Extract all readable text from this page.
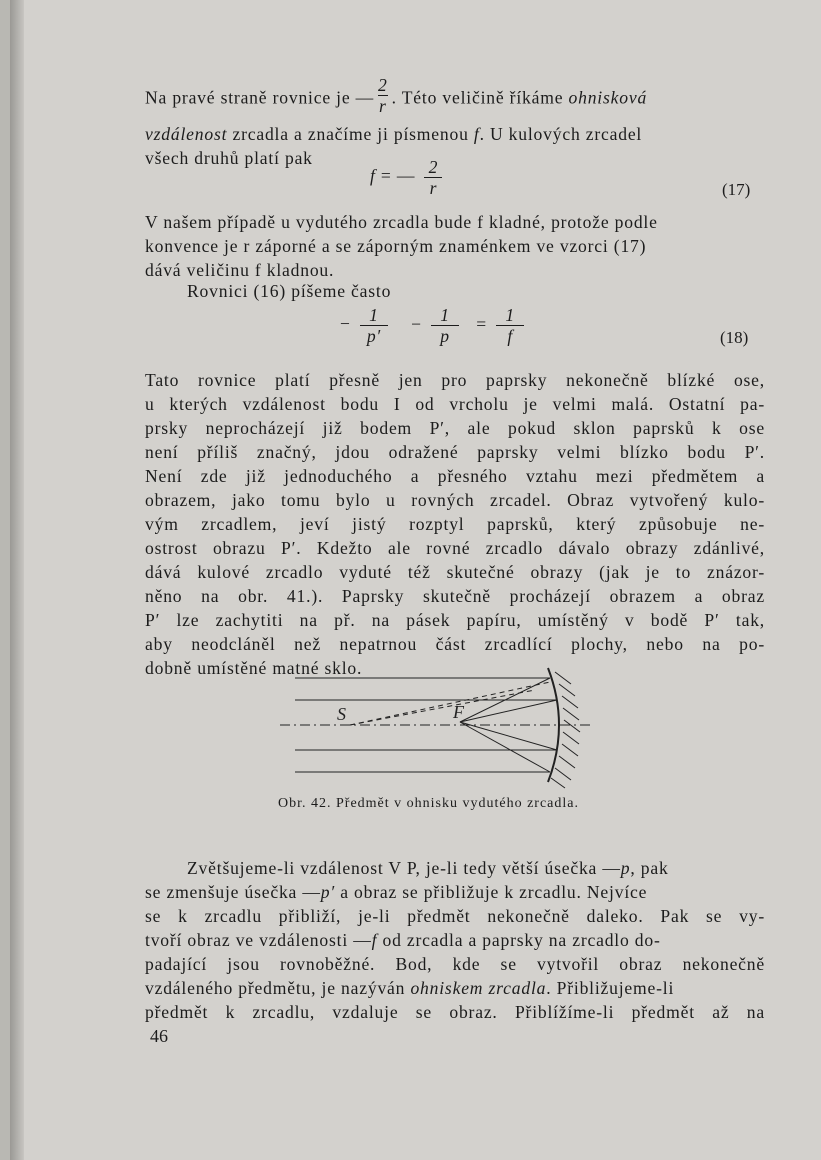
Na pravé straně rovnice je — $\frac{2}{r}$ . Této veličině říkáme ohnisková
vzdálenost zrcadla a značíme ji písmenou f. U kulových zrcadel
všech druhů platí pak
f = — $\frac{2}{r}$	(17)
V našem případě u vydutého zrcadla bude f kladné, protože podle
konvence je r záporné a se záporným znaménkem ve vzorci (17)
dává veličinu f kladnou.
Rovnici (16) píšeme často
− $\frac{1}{p'} - \frac{1}{p} = \frac{1}{f}$	(18)
Tato rovnice platí přesně jen pro paprsky nekonečně blízké ose,
u kterých vzdálenost bodu I od vrcholu je velmi malá. Ostatní pa-
prsky neprocházejí již bodem P′, ale pokud sklon paprsků k ose
není příliš značný, jdou odražené paprsky velmi blízko bodu P′.
Není zde již jednoduchého a přesného vztahu mezi předmětem a
obrazem, jako tomu bylo u rovných zrcadel. Obraz vytvořený kulo-
vým zrcadlem, jeví jistý rozptyl paprsků, který způsobuje ne-
ostrost obrazu P′. Kdežto ale rovné zrcadlo dávalo obrazy zdánlivé,
dává kulové zrcadlo vyduté též skutečné obrazy (jak je to znázor-
něno na obr. 41.). Paprsky skutečně procházejí obrazem a obraz
P′ lze zachytiti na př. na pásek papíru, umístěný v bodě P′ tak,
aby neodcláněl než nepatrnou část zrcadlící plochy, nebo na po-
dobně umístěné matné sklo.
S	F
Obr. 42. Předmět v ohnisku vydutého zrcadla.
Zvětšujeme-li vzdálenost V P, je-li tedy větší úsečka —p, pak
se zmenšuje úsečka —p′ a obraz se přibližuje k zrcadlu. Nejvíce
se k zrcadlu přibliží, je-li předmět nekonečně daleko. Pak se vy-
tvoří obraz ve vzdálenosti —f od zrcadla a paprsky na zrcadlo do-
padající jsou rovnoběžné. Bod, kde se vytvořil obraz nekonečně
vzdáleného předmětu, je nazýván ohniskem zrcadla. Přibližujeme-li
předmět k zrcadlu, vzdaluje se obraz. Přiblížíme-li předmět až na
46
